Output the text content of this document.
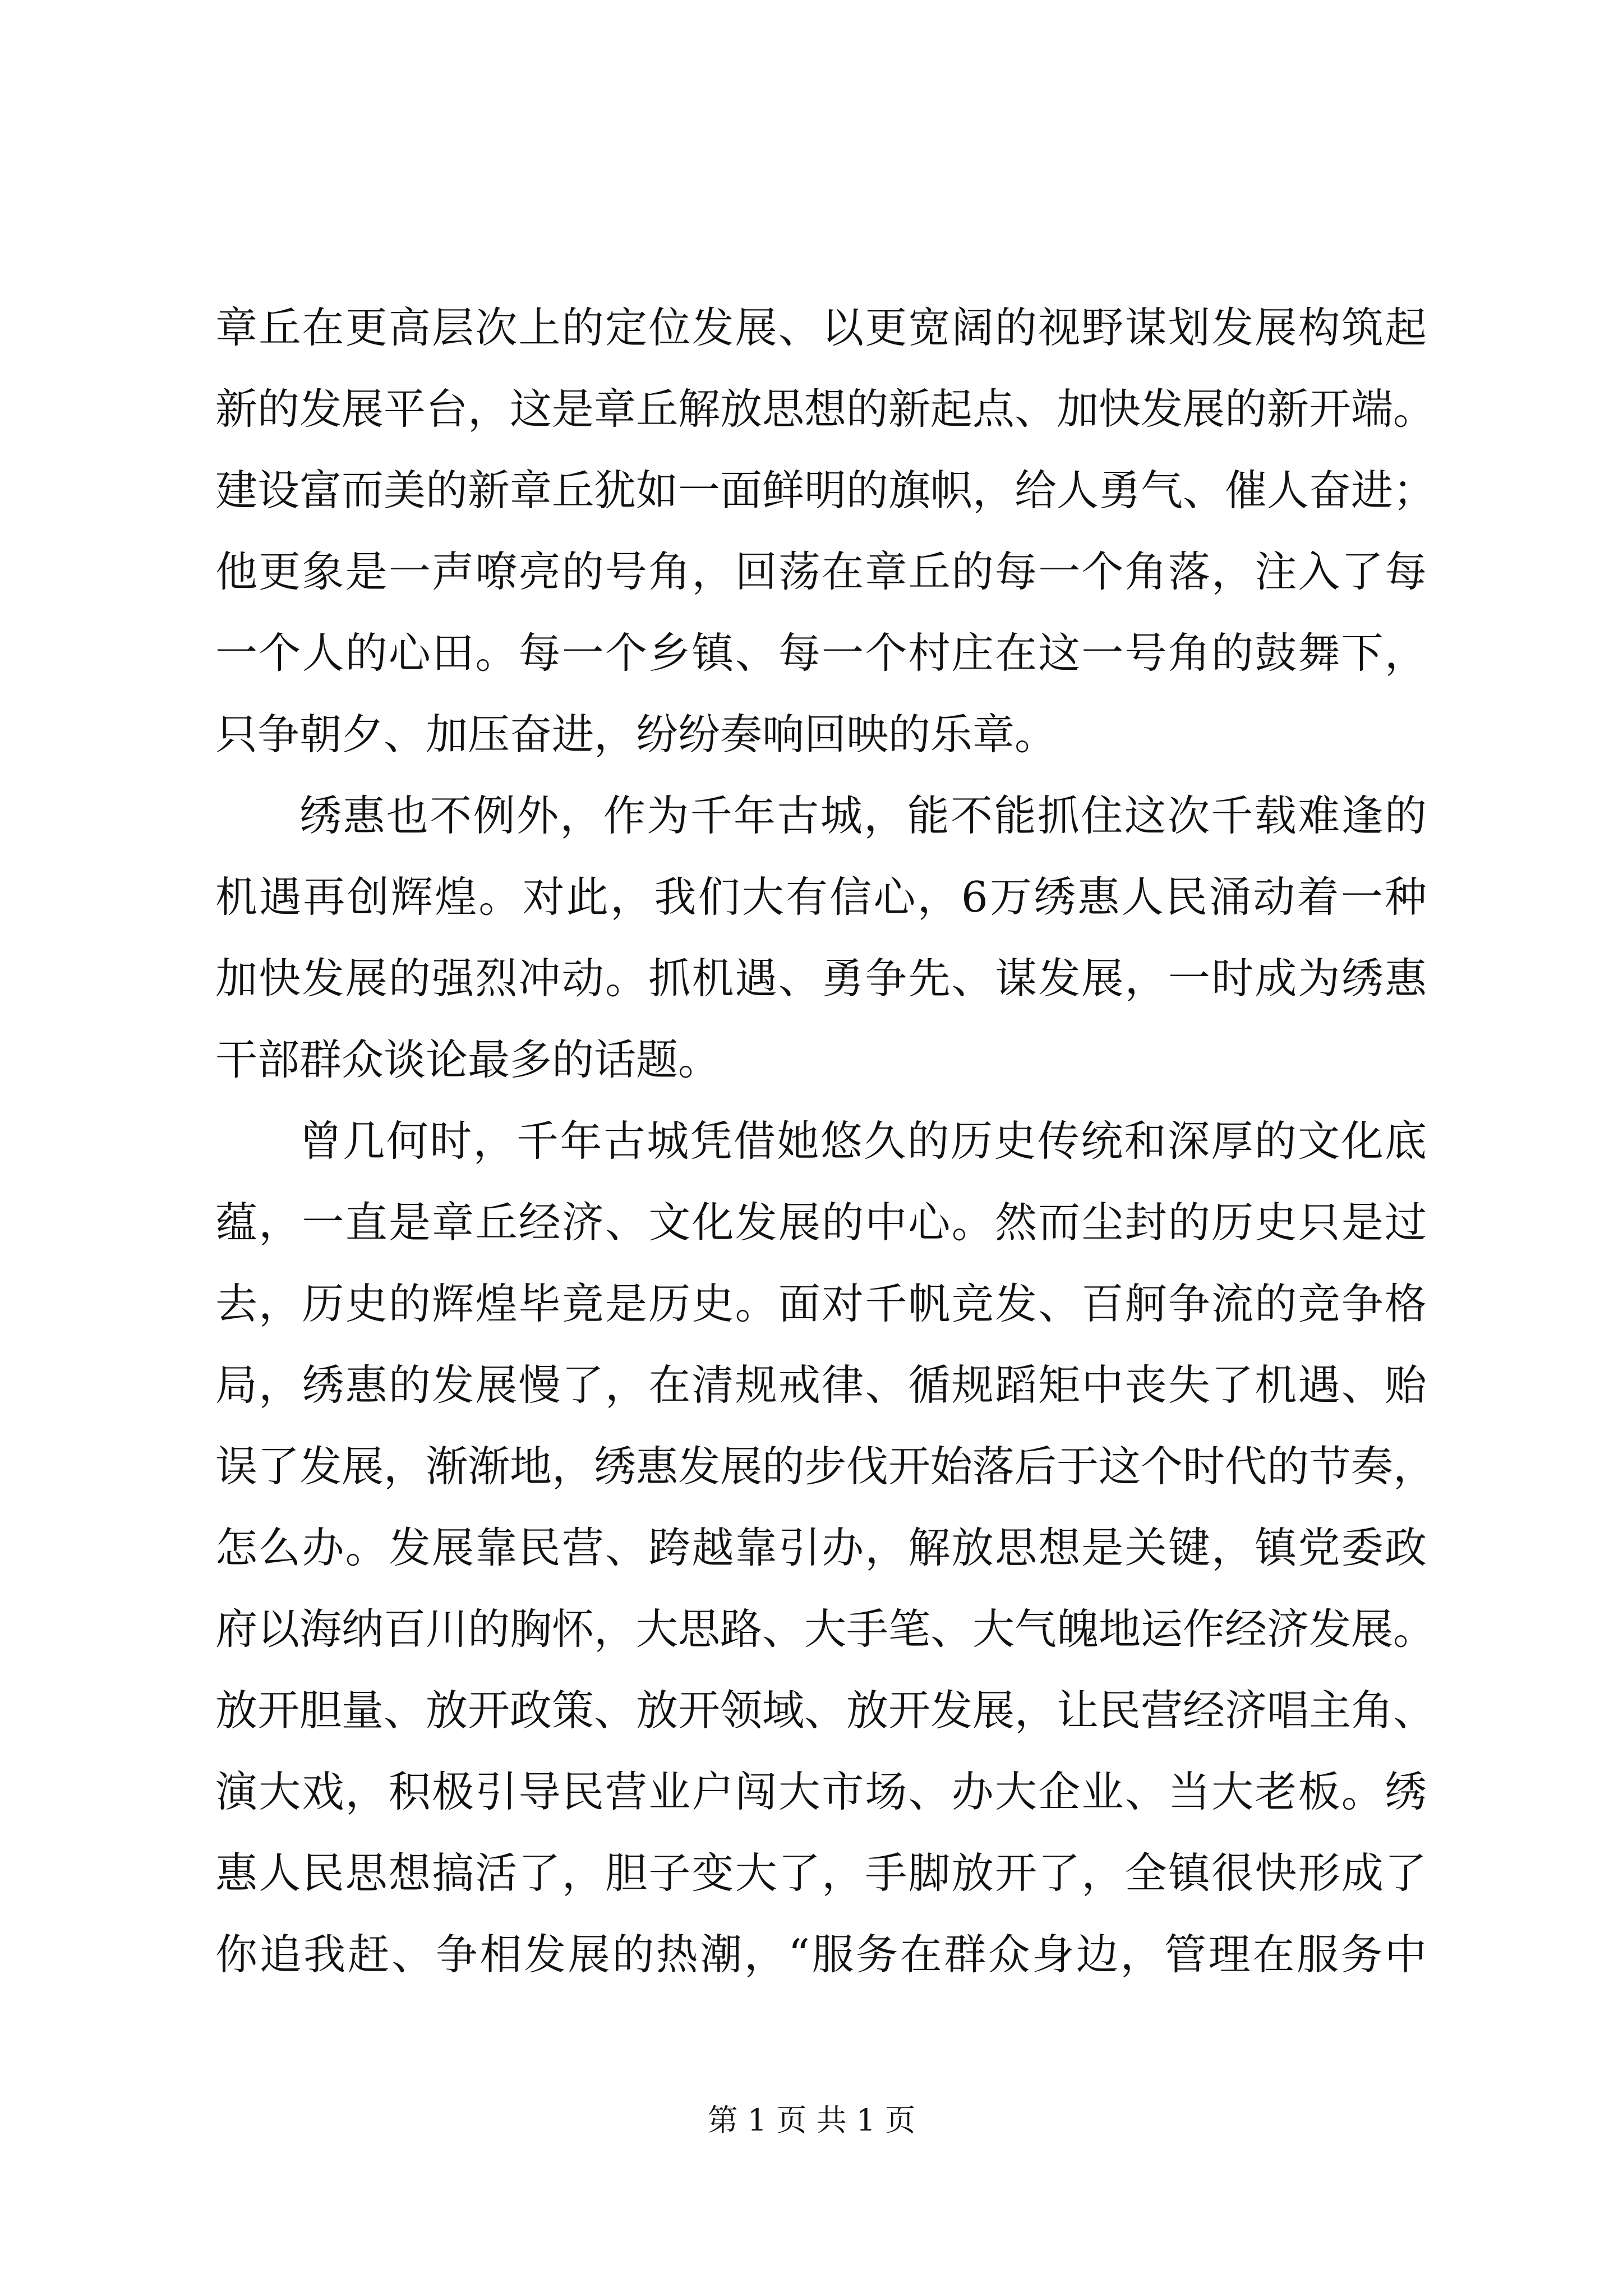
章丘在更高层次上的定位发展、以更宽阔的视野谋划发展构筑起
新的发展平台，这是章丘解放思想的新起点、加快发展的新开端。
建设富而美的新章丘犹如一面鲜明的旗帜，给人勇气、催人奋进；
他更象是一声嘹亮的号角，回荡在章丘的每一个角落，注入了每
一个人的心田。每一个乡镇、每一个村庄在这一号角的鼓舞下，
只争朝夕、加压奋进，纷纷奏响回映的乐章。
绣惠也不例外，作为千年古城，能不能抓住这次千载难逢的
机遇再创辉煌。对此，我们大有信心，6万绣惠人民涌动着一种
加快发展的强烈冲动。抓机遇、勇争先、谋发展，一时成为绣惠
干部群众谈论最多的话题。
曾几何时，千年古城凭借她悠久的历史传统和深厚的文化底
蕴，一直是章丘经济、文化发展的中心。然而尘封的历史只是过
去，历史的辉煌毕竟是历史。面对千帆竞发、百舸争流的竞争格
局，绣惠的发展慢了，在清规戒律、循规蹈矩中丧失了机遇、贻
误了发展，渐渐地，绣惠发展的步伐开始落后于这个时代的节奏，
怎么办。发展靠民营、跨越靠引办，解放思想是关键，镇党委政
府以海纳百川的胸怀，大思路、大手笔、大气魄地运作经济发展。
放开胆量、放开政策、放开领域、放开发展，让民营经济唱主角、
演大戏，积极引导民营业户闯大市场、办大企业、当大老板。绣
惠人民思想搞活了，胆子变大了，手脚放开了，全镇很快形成了
你追我赶、争相发展的热潮，“服务在群众身边，管理在服务中
第 1 页 共 1 页
